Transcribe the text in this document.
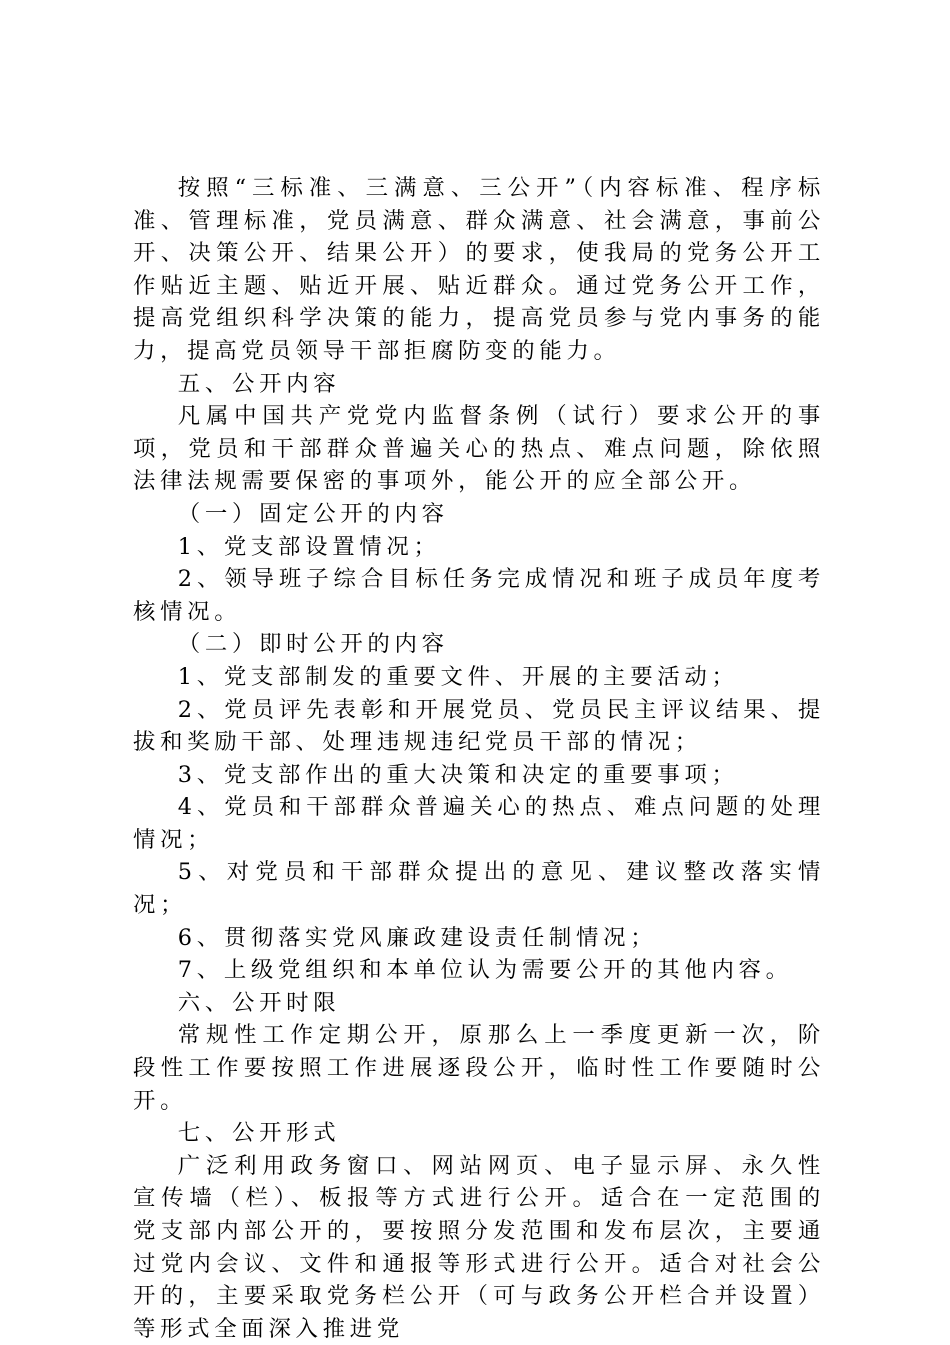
按照“三标准、三满意、三公开”（内容标准、程序标准、管理标准，党员满意、群众满意、社会满意，事前公开、决策公开、结果公开）的要求，使我局的党务公开工作贴近主题、贴近开展、贴近群众。通过党务公开工作，提高党组织科学决策的能力，提高党员参与党内事务的能力，提高党员领导干部拒腐防变的能力。

五、公开内容

凡属中国共产党党内监督条例（试行）要求公开的事项，党员和干部群众普遍关心的热点、难点问题，除依照法律法规需要保密的事项外，能公开的应全部公开。

（一）固定公开的内容

1、党支部设置情况；

2、领导班子综合目标任务完成情况和班子成员年度考核情况。

（二）即时公开的内容

1、党支部制发的重要文件、开展的主要活动；

2、党员评先表彰和开展党员、党员民主评议结果、提拔和奖励干部、处理违规违纪党员干部的情况；

3、党支部作出的重大决策和决定的重要事项；

4、党员和干部群众普遍关心的热点、难点问题的处理情况；

5、对党员和干部群众提出的意见、建议整改落实情况；

6、贯彻落实党风廉政建设责任制情况；

7、上级党组织和本单位认为需要公开的其他内容。

六、公开时限

常规性工作定期公开，原那么上一季度更新一次，阶段性工作要按照工作进展逐段公开，临时性工作要随时公开。

七、公开形式

广泛利用政务窗口、网站网页、电子显示屏、永久性宣传墙（栏）、板报等方式进行公开。适合在一定范围的党支部内部公开的，要按照分发范围和发布层次，主要通过党内会议、文件和通报等形式进行公开。适合对社会公开的，主要采取党务栏公开（可与政务公开栏合并设置）等形式全面深入推进党
